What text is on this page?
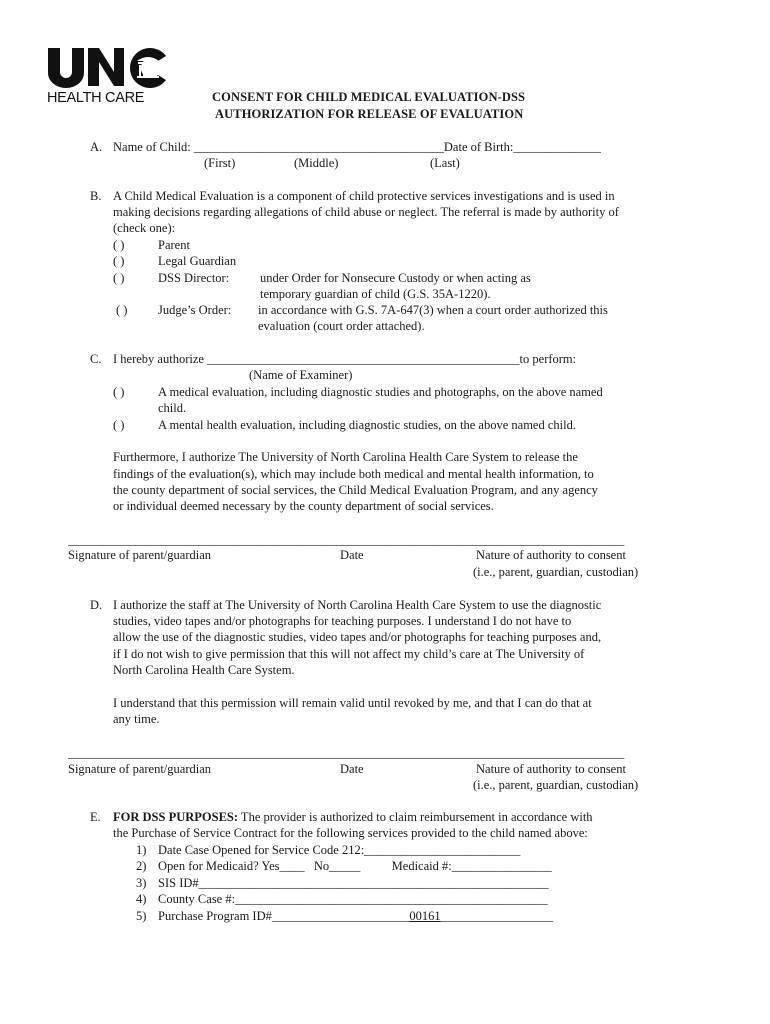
HEALTH CARE	CONSENT FOR CHILD MEDICAL EVALUATION-DSS
AUTHORIZATION FOR RELEASE OF EVALUATION
A. Name of Child: ________________________________________Date of Birth:______________
(First)	(Middle)	(Last)
B. A Child Medical Evaluation is a component of child protective services investigations and is used in
making decisions regarding allegations of child abuse or neglect. The referral is made by authority of
(check one):
( )	Parent
( )	Legal Guardian
( )	DSS Director: under Order for Nonsecure Custody or when acting as
temporary guardian of child (G.S. 35A-1220).
( ) Judge’s Order: in accordance with G.S. 7A-647(3) when a court order authorized this
evaluation (court order attached).
C. I hereby authorize __________________________________________________to perform:
(Name of Examiner)
( )	A medical evaluation, including diagnostic studies and photographs, on the above named
child.
( )	A mental health evaluation, including diagnostic studies, on the above named child.
Furthermore, I authorize The University of North Carolina Health Care System to release the
findings of the evaluation(s), which may include both medical and mental health information, to
the county department of social services, the Child Medical Evaluation Program, and any agency
or individual deemed necessary by the county department of social services.
_________________________________________________________________________________________
Signature of parent/guardian	Date	Nature of authority to consent
(i.e., parent, guardian, custodian)
D. I authorize the staff at The University of North Carolina Health Care System to use the diagnostic
studies, video tapes and/or photographs for teaching purposes. I understand I do not have to
allow the use of the diagnostic studies, video tapes and/or photographs for teaching purposes and,
if I do not wish to give permission that this will not affect my child’s care at The University of
North Carolina Health Care System.
I understand that this permission will remain valid until revoked by me, and that I can do that at
any time.
_________________________________________________________________________________________
Signature of parent/guardian	Date	Nature of authority to consent
(i.e., parent, guardian, custodian)
E. FOR DSS PURPOSES: The provider is authorized to claim reimbursement in accordance with
the Purchase of Service Contract for the following services provided to the child named above:
1) Date Case Opened for Service Code 212:_________________________
2) Open for Medicaid? Yes____   No_____          Medicaid #:________________
3) SIS ID#________________________________________________________
4) County Case #:__________________________________________________
5) Purchase Program ID#______________________00161__________________
